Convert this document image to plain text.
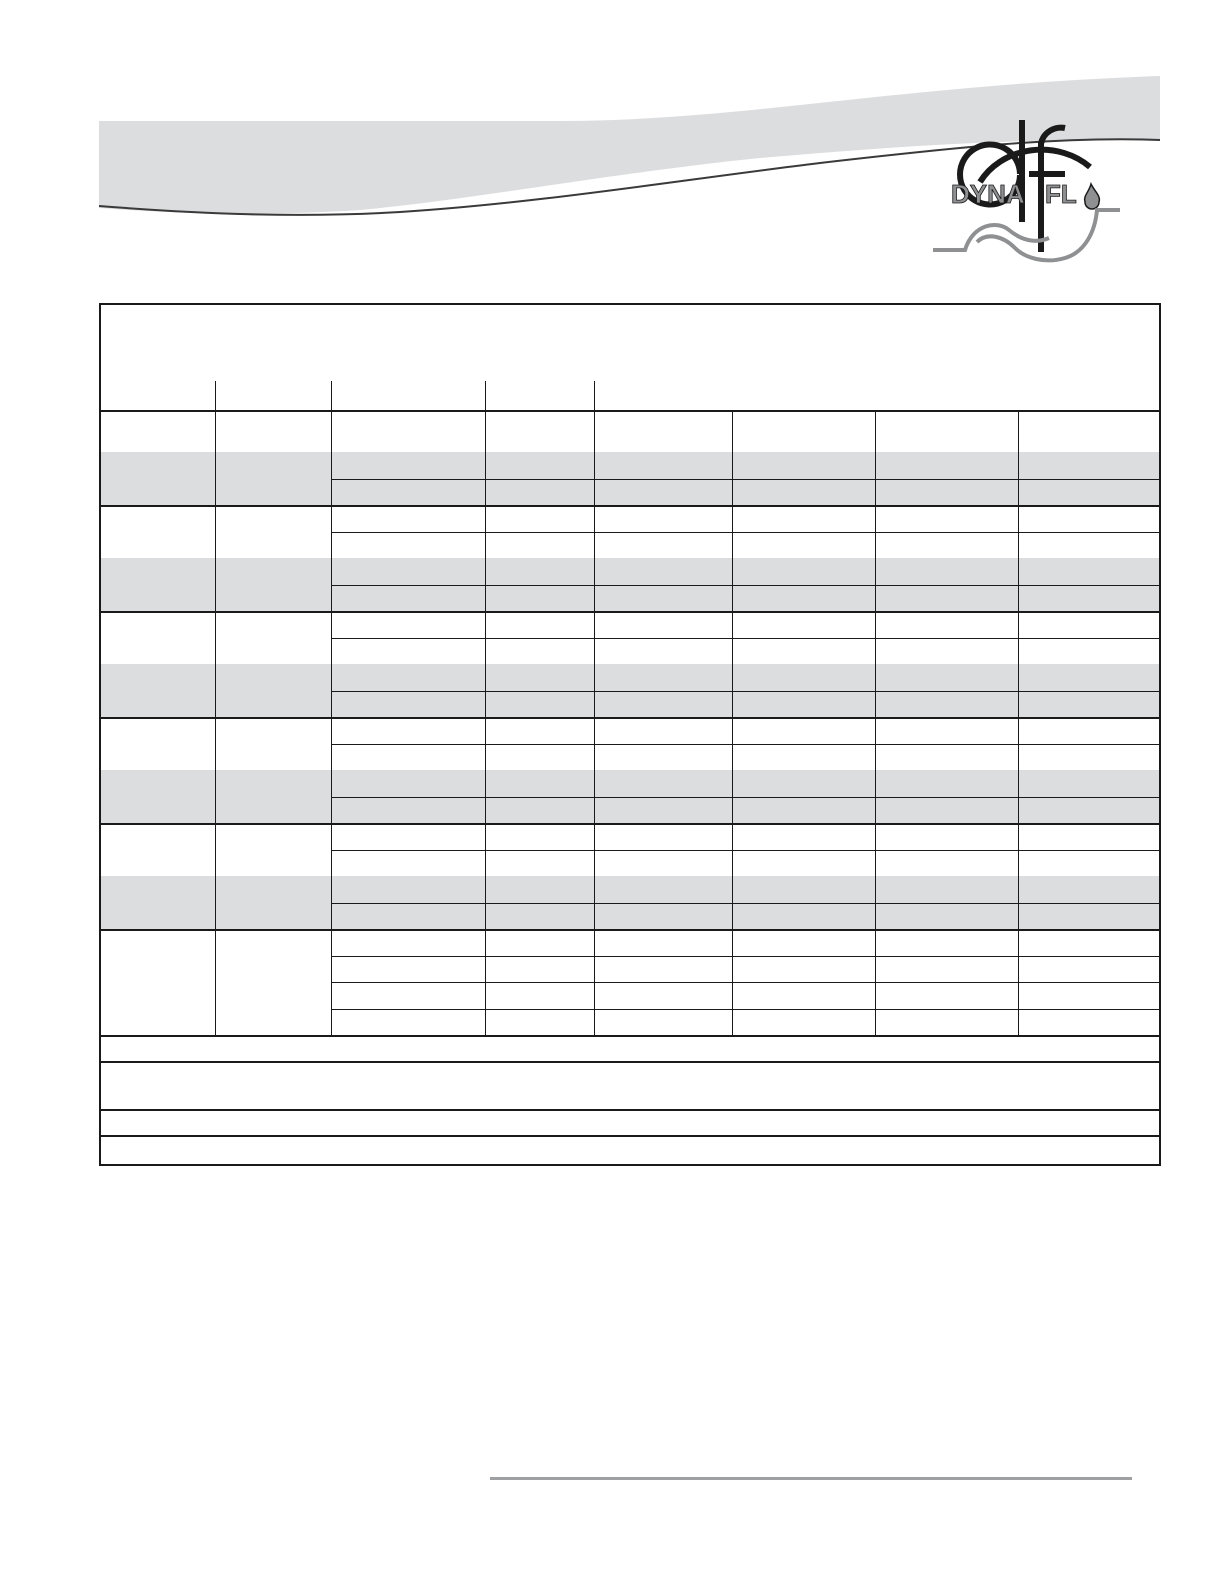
DYNA FL
